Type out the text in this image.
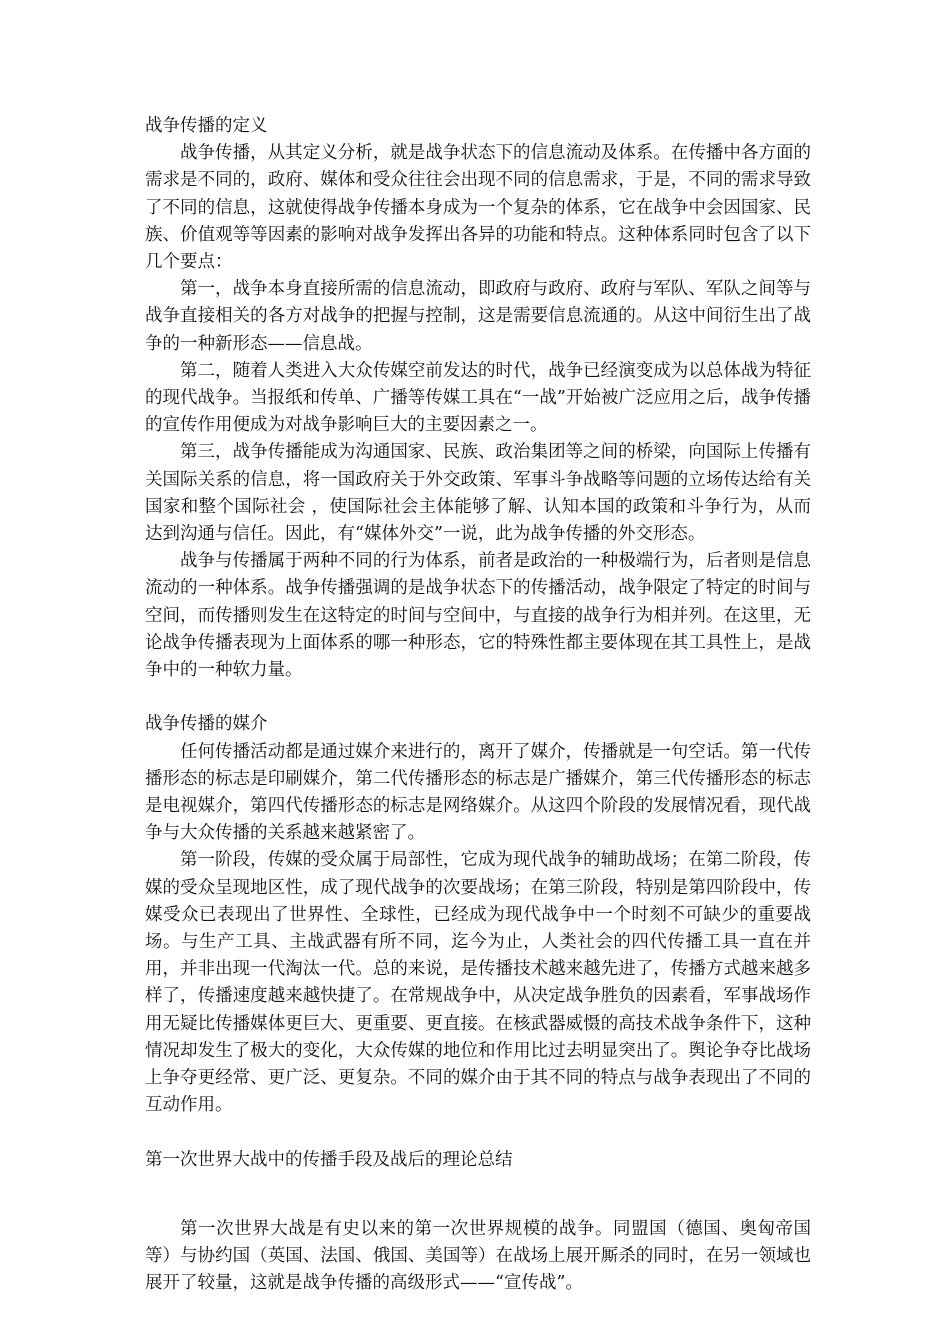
战争传播的定义

战争传播，从其定义分析，就是战争状态下的信息流动及体系。在传播中各方面的需求是不同的，政府、媒体和受众往往会出现不同的信息需求，于是，不同的需求导致了不同的信息，这就使得战争传播本身成为一个复杂的体系，它在战争中会因国家、民族、价值观等等因素的影响对战争发挥出各异的功能和特点。这种体系同时包含了以下几个要点：

第一，战争本身直接所需的信息流动，即政府与政府、政府与军队、军队之间等与战争直接相关的各方对战争的把握与控制，这是需要信息流通的。从这中间衍生出了战争的一种新形态——信息战。

第二，随着人类进入大众传媒空前发达的时代，战争已经演变成为以总体战为特征的现代战争。当报纸和传单、广播等传媒工具在“一战”开始被广泛应用之后，战争传播的宣传作用便成为对战争影响巨大的主要因素之一。

第三，战争传播能成为沟通国家、民族、政治集团等之间的桥梁，向国际上传播有关国际关系的信息，将一国政府关于外交政策、军事斗争战略等问题的立场传达给有关国家和整个国际社会 ，使国际社会主体能够了解、认知本国的政策和斗争行为，从而达到沟通与信任。因此，有“媒体外交”一说，此为战争传播的外交形态。

战争与传播属于两种不同的行为体系，前者是政治的一种极端行为，后者则是信息流动的一种体系。战争传播强调的是战争状态下的传播活动，战争限定了特定的时间与空间，而传播则发生在这特定的时间与空间中，与直接的战争行为相并列。在这里，无论战争传播表现为上面体系的哪一种形态，它的特殊性都主要体现在其工具性上，是战争中的一种软力量。

战争传播的媒介

任何传播活动都是通过媒介来进行的，离开了媒介，传播就是一句空话。第一代传播形态的标志是印刷媒介，第二代传播形态的标志是广播媒介，第三代传播形态的标志是电视媒介，第四代传播形态的标志是网络媒介。从这四个阶段的发展情况看，现代战争与大众传播的关系越来越紧密了。

第一阶段，传媒的受众属于局部性，它成为现代战争的辅助战场；在第二阶段，传媒的受众呈现地区性，成了现代战争的次要战场；在第三阶段，特别是第四阶段中，传媒受众已表现出了世界性、全球性，已经成为现代战争中一个时刻不可缺少的重要战场。与生产工具、主战武器有所不同，迄今为止，人类社会的四代传播工具一直在并用，并非出现一代淘汰一代。总的来说，是传播技术越来越先进了，传播方式越来越多样了，传播速度越来越快捷了。在常规战争中，从决定战争胜负的因素看，军事战场作用无疑比传播媒体更巨大、更重要、更直接。在核武器威慑的高技术战争条件下，这种情况却发生了极大的变化，大众传媒的地位和作用比过去明显突出了。舆论争夺比战场上争夺更经常、更广泛、更复杂。不同的媒介由于其不同的特点与战争表现出了不同的互动作用。

第一次世界大战中的传播手段及战后的理论总结

第一次世界大战是有史以来的第一次世界规模的战争。同盟国（德国、奥匈帝国等）与协约国（英国、法国、俄国、美国等）在战场上展开厮杀的同时，在另一领域也展开了较量，这就是战争传播的高级形式——“宣传战”。
